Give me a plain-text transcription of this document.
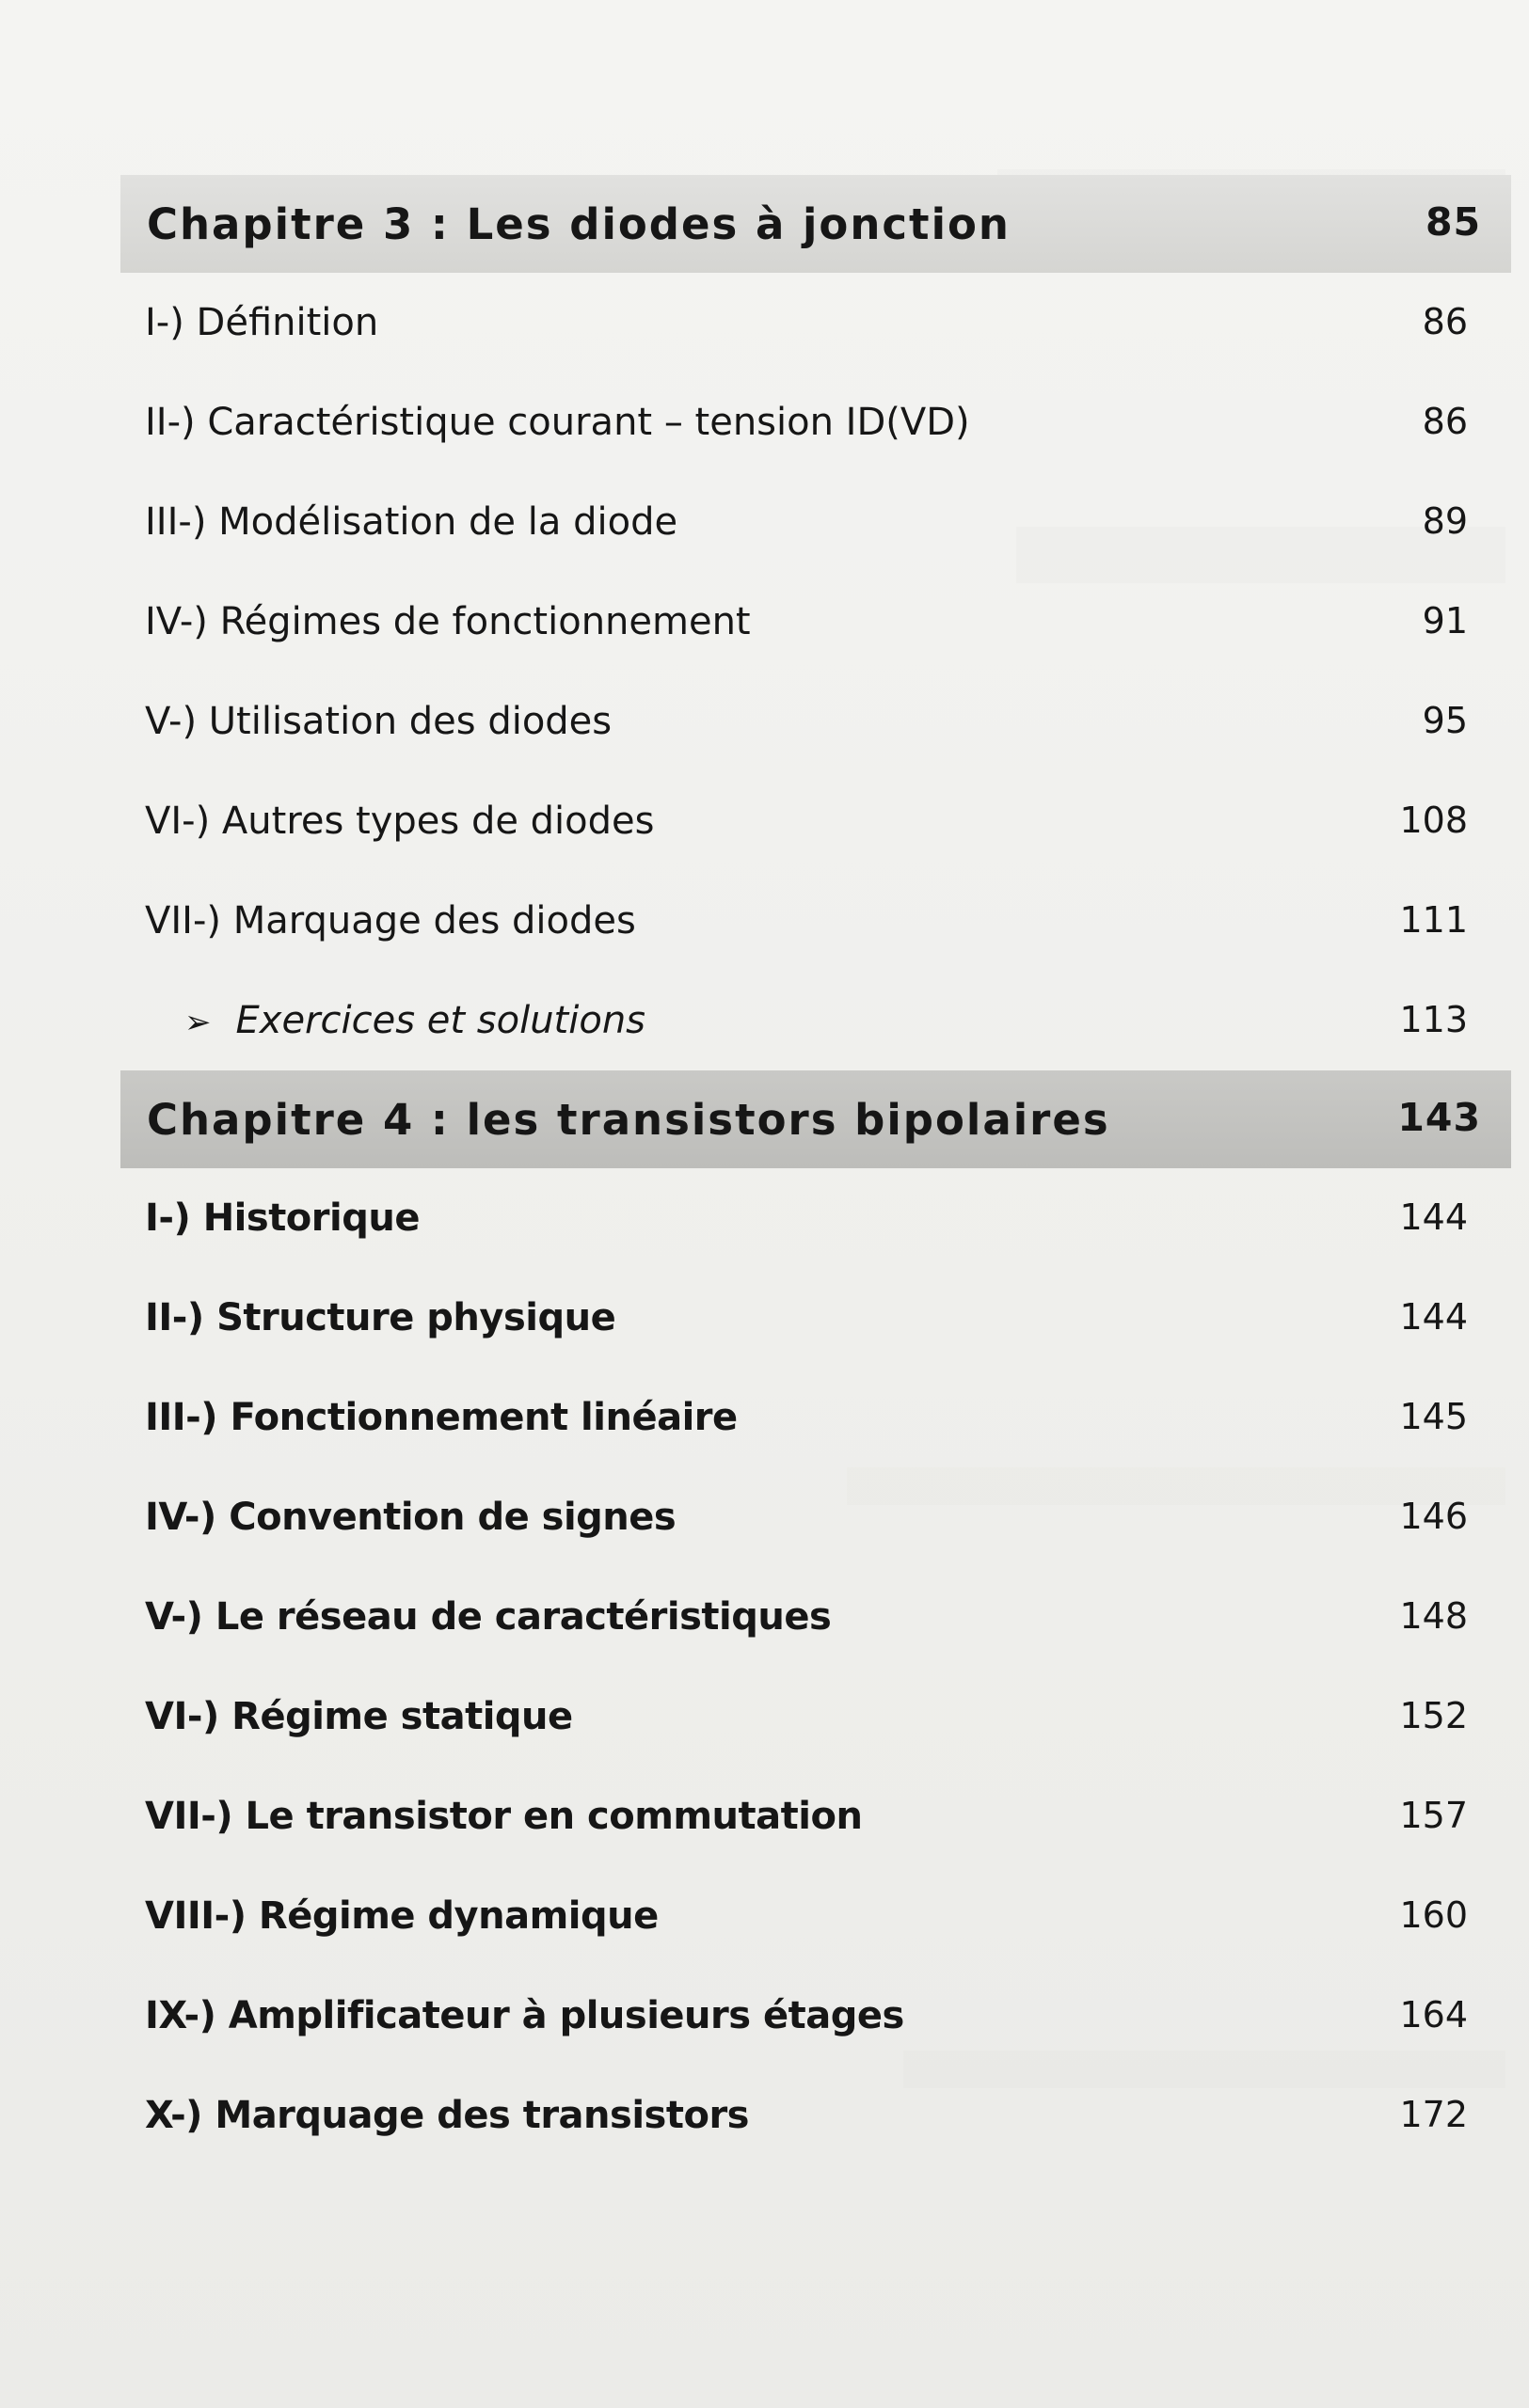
Chapitre 3 : Les diodes à jonction	85
I-) Définition	86
II-) Caractéristique courant – tension ID(VD)	86
III-) Modélisation de la diode	89
IV-) Régimes de fonctionnement	91
V-) Utilisation des diodes	95
VI-) Autres types de diodes	108
VII-) Marquage des diodes	111
➢ Exercices et solutions	113
Chapitre 4 : les transistors bipolaires	143
I-) Historique	144
II-) Structure physique	144
III-) Fonctionnement linéaire	145
IV-) Convention de signes	146
V-) Le réseau de caractéristiques	148
VI-) Régime statique	152
VII-) Le transistor en commutation	157
VIII-) Régime dynamique	160
IX-) Amplificateur à plusieurs étages	164
X-) Marquage des transistors	172
